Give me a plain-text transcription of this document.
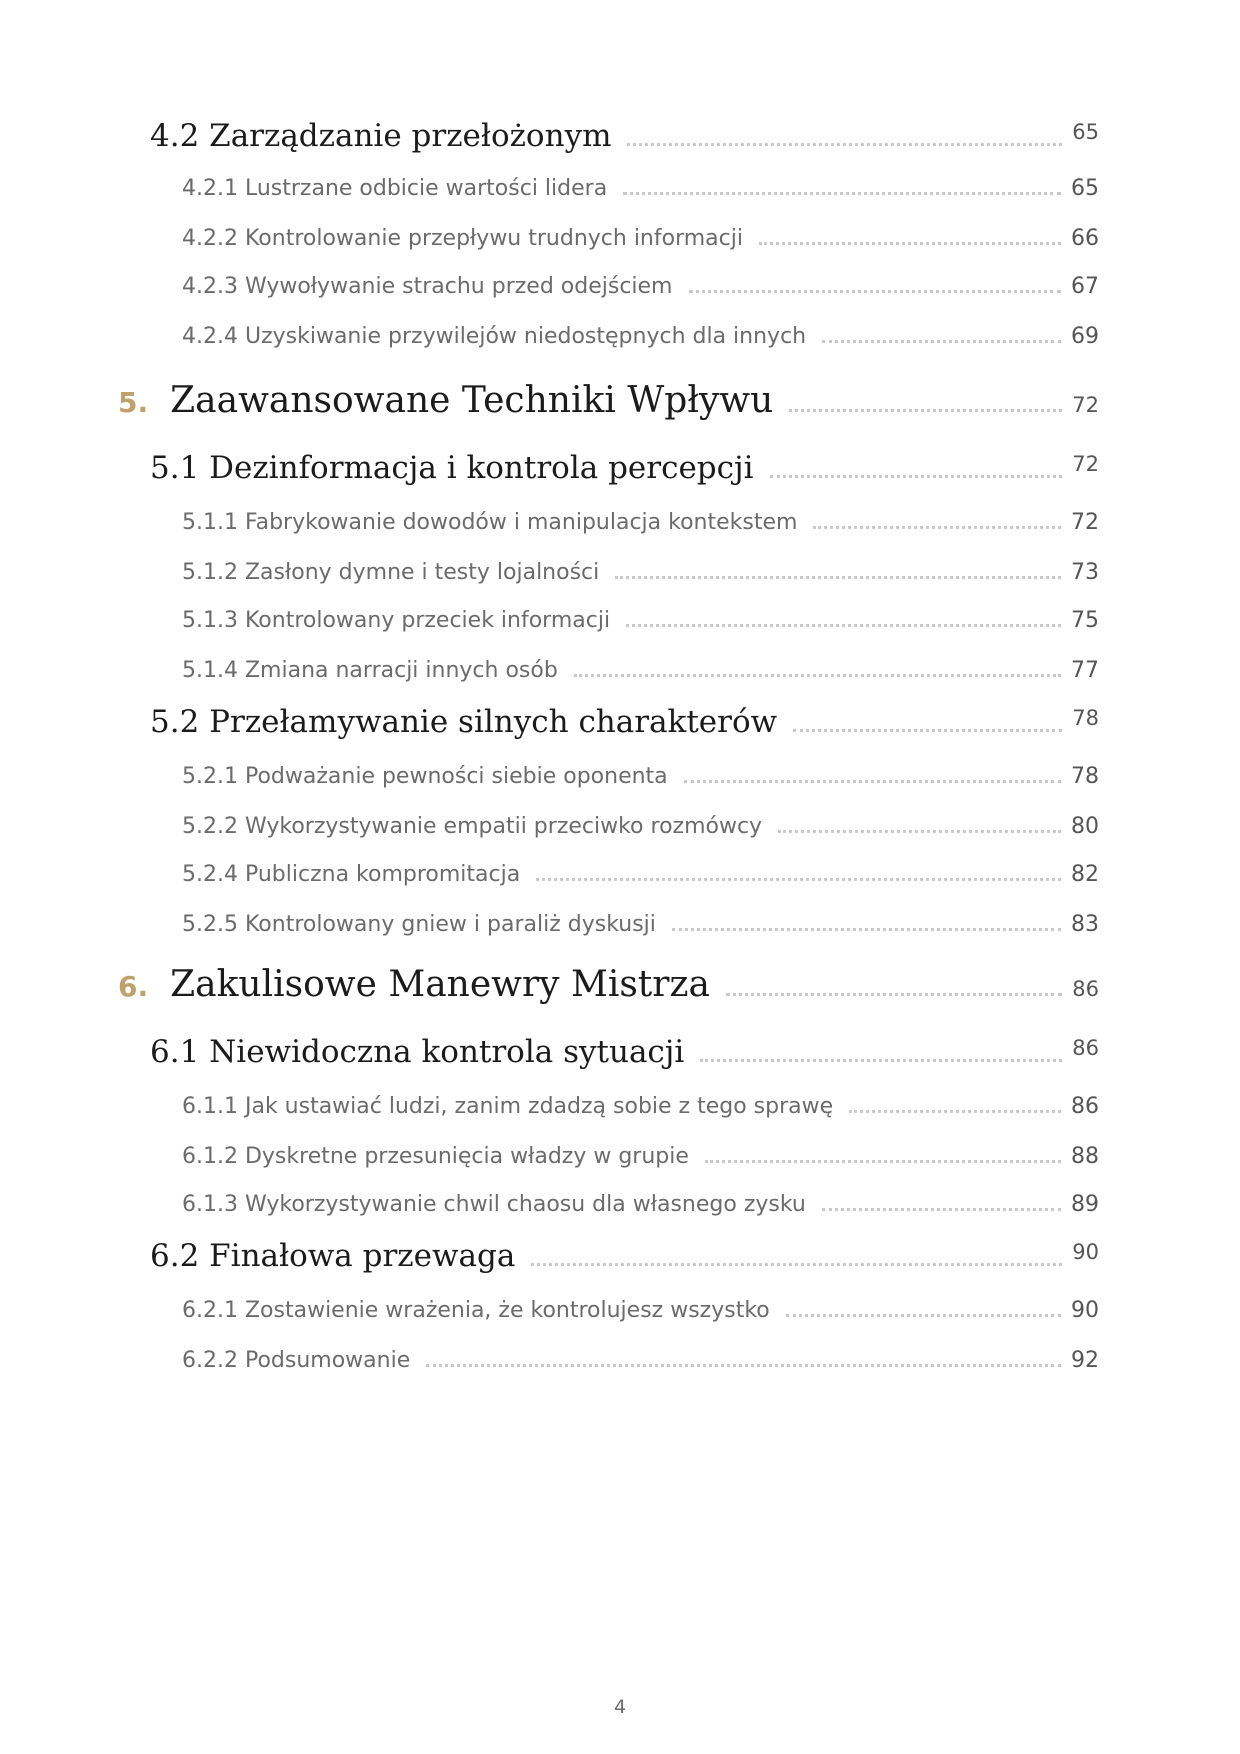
4.2 Zarządzanie przełożonym	65
4.2.1 Lustrzane odbicie wartości lidera	65
4.2.2 Kontrolowanie przepływu trudnych informacji	66
4.2.3 Wywoływanie strachu przed odejściem	67
4.2.4 Uzyskiwanie przywilejów niedostępnych dla innych	69
5. Zaawansowane Techniki Wpływu	72
5.1 Dezinformacja i kontrola percepcji	72
5.1.1 Fabrykowanie dowodów i manipulacja kontekstem	72
5.1.2 Zasłony dymne i testy lojalności	73
5.1.3 Kontrolowany przeciek informacji	75
5.1.4 Zmiana narracji innych osób	77
5.2 Przełamywanie silnych charakterów	78
5.2.1 Podważanie pewności siebie oponenta	78
5.2.2 Wykorzystywanie empatii przeciwko rozmówcy	80
5.2.4 Publiczna kompromitacja	82
5.2.5 Kontrolowany gniew i paraliż dyskusji	83
6. Zakulisowe Manewry Mistrza	86
6.1 Niewidoczna kontrola sytuacji	86
6.1.1 Jak ustawiać ludzi, zanim zdadzą sobie z tego sprawę	86
6.1.2 Dyskretne przesunięcia władzy w grupie	88
6.1.3 Wykorzystywanie chwil chaosu dla własnego zysku	89
6.2 Finałowa przewaga	90
6.2.1 Zostawienie wrażenia, że kontrolujesz wszystko	90
6.2.2 Podsumowanie	92
4
